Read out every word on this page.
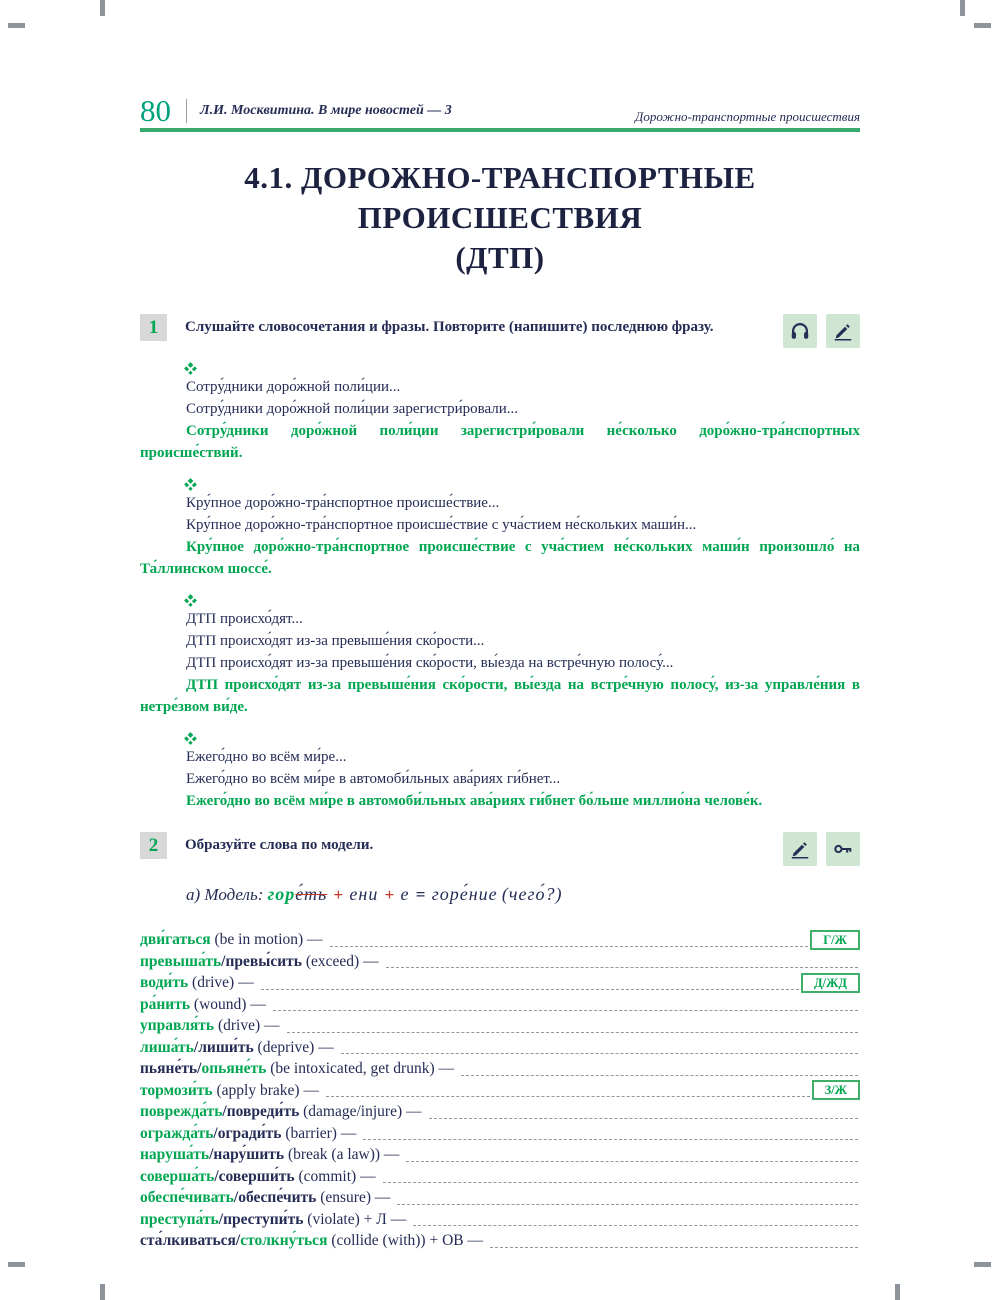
80 Л.И. Москвитина. В мире новостей — 3	Дорожно-транспортные происшествия
4.1. ДОРОЖНО-ТРАНСПОРТНЫЕ
ПРОИСШЕСТВИЯ
(ДТП)
1	Слушайте словосочетания и фразы. Повторите (напишите) последнюю фразу.

Сотру́дники доро́жной поли́ции...

Сотру́дники доро́жной поли́ции зарегистри́ровали...

Сотру́дники доро́жной поли́ции зарегистри́ровали не́сколько доро́жно-тра́нспортных происше́ствий.

Кру́пное доро́жно-тра́нспортное происше́ствие...

Кру́пное доро́жно-тра́нспортное происше́ствие с уча́стием не́скольких маши́н...

Кру́пное доро́жно-тра́нспортное происше́ствие с уча́стием не́скольких маши́н произошло́ на Та́ллинском шоссе́.

ДТП происхо́дят...

ДТП происхо́дят из-за превыше́ния ско́рости...

ДТП происхо́дят из-за превыше́ния ско́рости, вы́езда на встре́чную полосу́...

ДТП происхо́дят из-за превыше́ния ско́рости, вы́езда на встре́чную полосу́, из-за управле́ния в нетре́звом ви́де.

Ежего́дно во всём ми́ре...

Ежего́дно во всём ми́ре в автомоби́льных ава́риях ги́бнет...

Ежего́дно во всём ми́ре в автомоби́льных ава́риях ги́бнет бо́льше миллио́на челове́к.

2	Образуйте слова по модели.
а) Модель: горе́ть + ени + е = горе́ние (чего́?)
дви́гаться (be in motion) —	Г/Ж
превыша́ть/превы́сить (exceed) —
води́ть (drive) —	Д/ЖД
ра́нить (wound) —
управля́ть (drive) —
лиша́ть/лиши́ть (deprive) —
пьяне́ть/опьяне́ть (be intoxicated, get drunk) —
тормози́ть (apply brake) —	З/Ж
поврежда́ть/повреди́ть (damage/injure) —
огражда́ть/огради́ть (barrier) —
наруша́ть/нару́шить (break (a law)) —
соверша́ть/соверши́ть (commit) —
обеспе́чивать/обеспе́чить (ensure) —
преступа́ть/преступи́ть (violate) + Л —
ста́лкиваться/столкну́ться (collide (with)) + ОВ —
